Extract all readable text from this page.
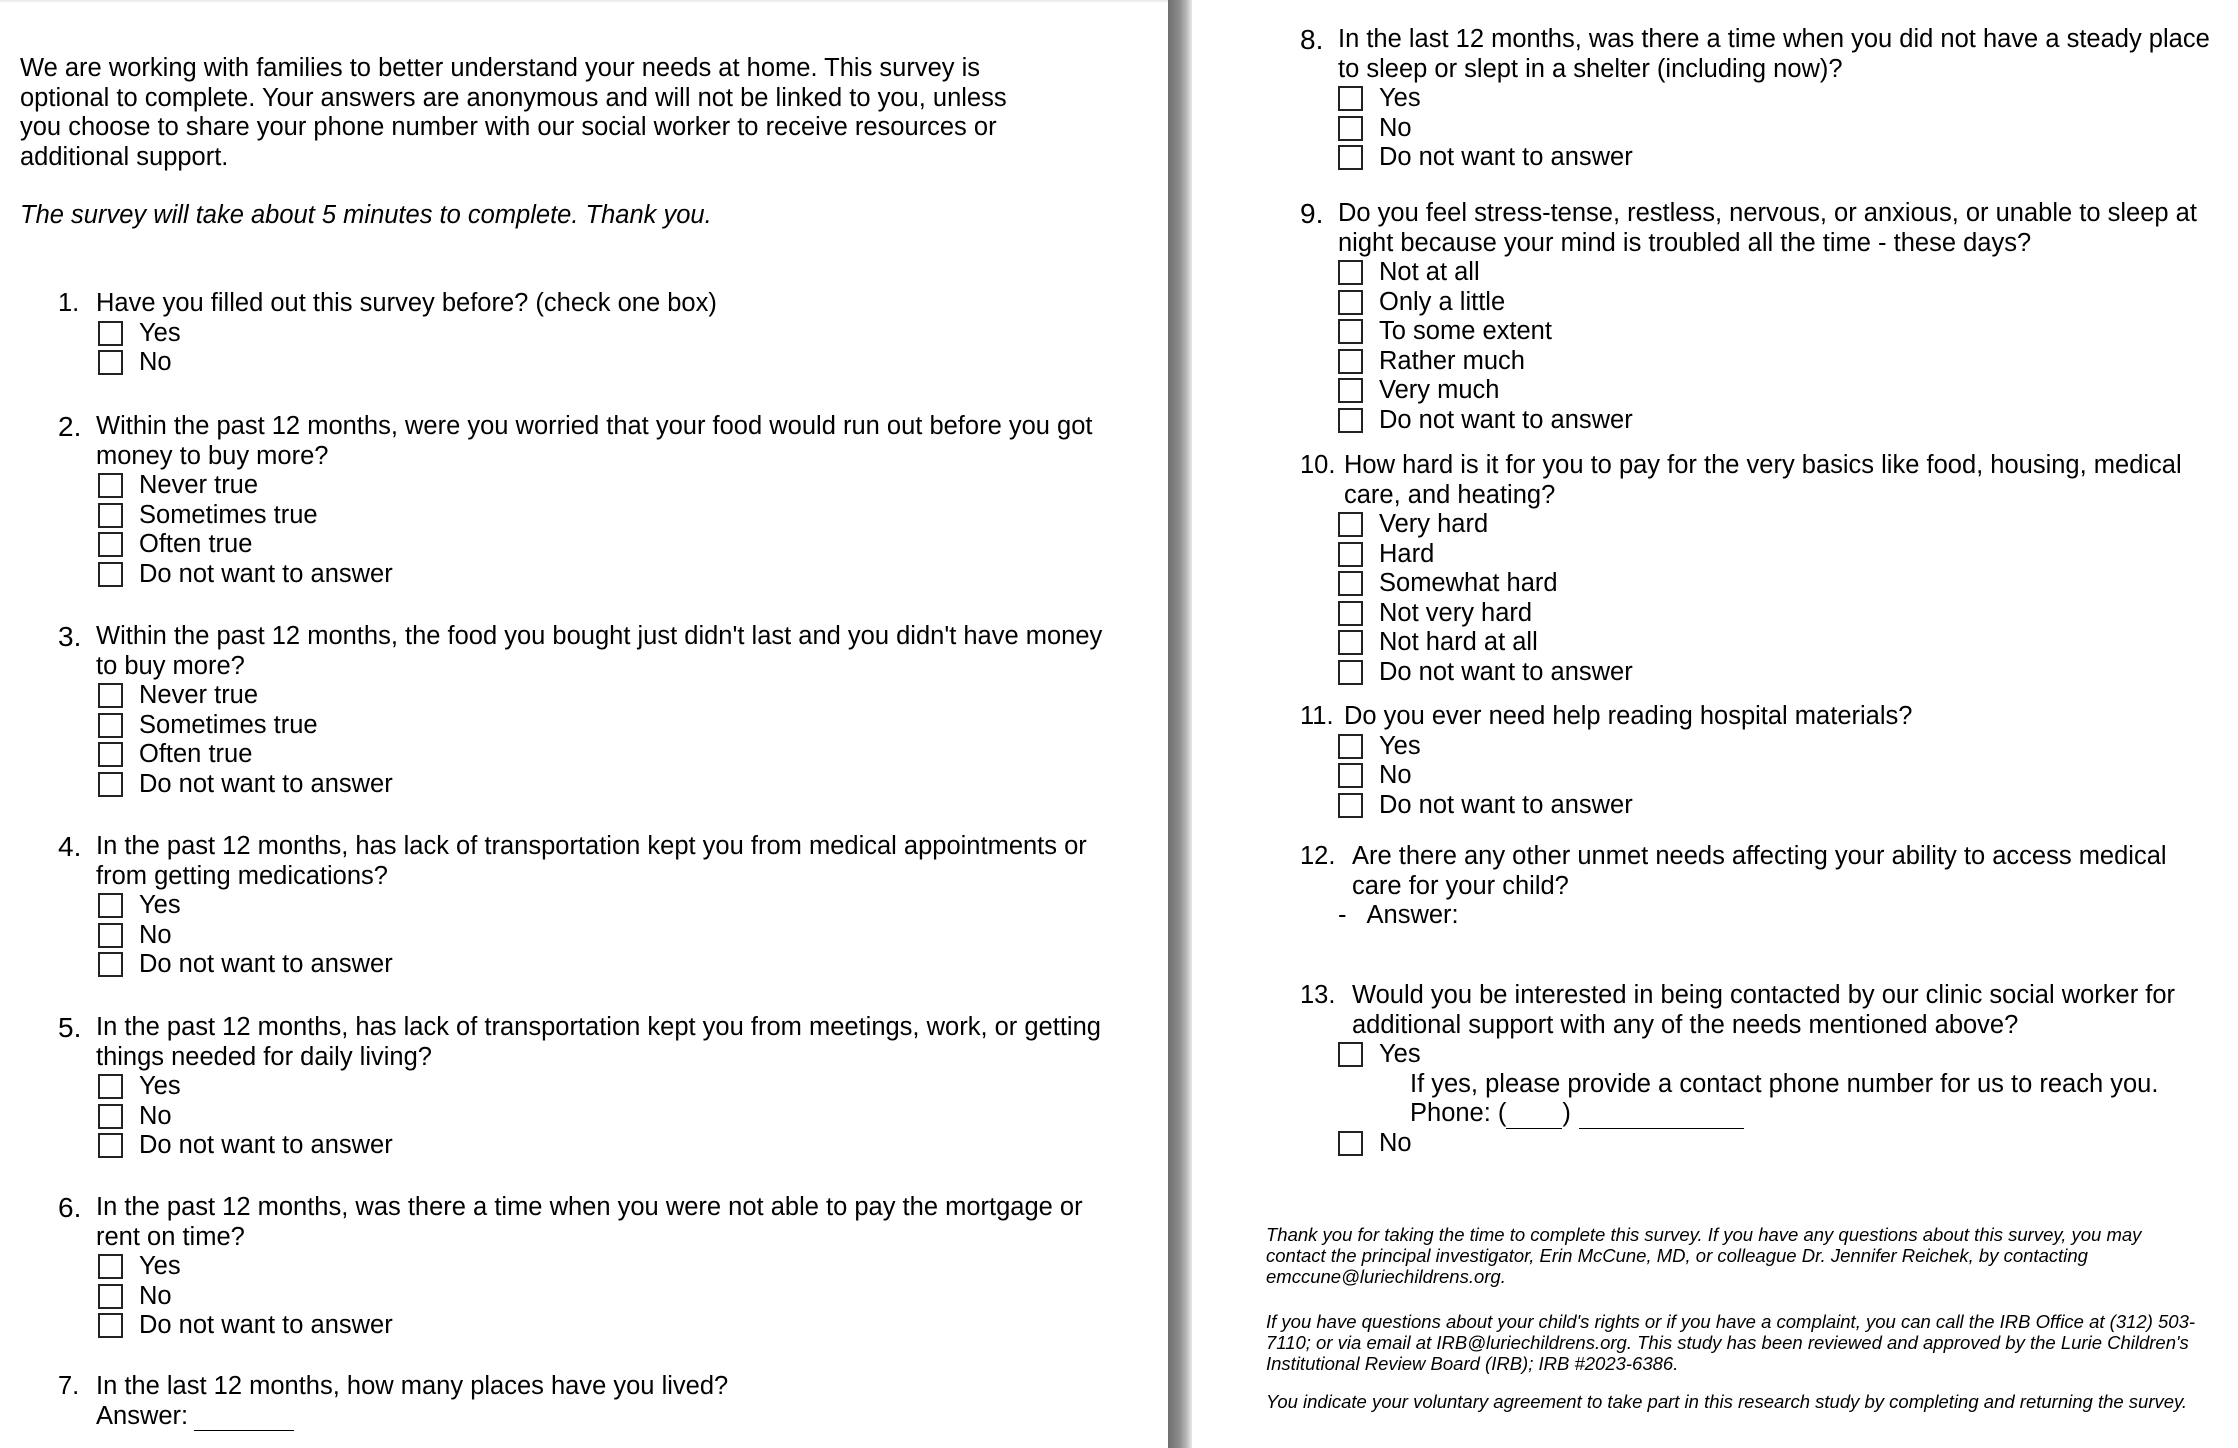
We are working with families to better understand your needs at home. This survey is optional to complete. Your answers are anonymous and will not be linked to you, unless you choose to share your phone number with our social worker to receive resources or additional support.

The survey will take about 5 minutes to complete. Thank you.

1. Have you filled out this survey before? (check one box)
Yes
No
2. Within the past 12 months, were you worried that your food would run out before you got money to buy more?
Never true
Sometimes true
Often true
Do not want to answer
3. Within the past 12 months, the food you bought just didn't last and you didn't have money to buy more?
Never true
Sometimes true
Often true
Do not want to answer
4. In the past 12 months, has lack of transportation kept you from medical appointments or from getting medications?
Yes
No
Do not want to answer
5. In the past 12 months, has lack of transportation kept you from meetings, work, or getting things needed for daily living?
Yes
No
Do not want to answer
6. In the past 12 months, was there a time when you were not able to pay the mortgage or rent on time?
Yes
No
Do not want to answer
7. In the last 12 months, how many places have you lived?
Answer:
8. In the last 12 months, was there a time when you did not have a steady place to sleep or slept in a shelter (including now)?
Yes
No
Do not want to answer
9. Do you feel stress-tense, restless, nervous, or anxious, or unable to sleep at night because your mind is troubled all the time - these days?
Not at all
Only a little
To some extent
Rather much
Very much
Do not want to answer
10. How hard is it for you to pay for the very basics like food, housing, medical care, and heating?
Very hard
Hard
Somewhat hard
Not very hard
Not hard at all
Do not want to answer
11. Do you ever need help reading hospital materials?
Yes
No
Do not want to answer
12. Are there any other unmet needs affecting your ability to access medical care for your child?
- Answer:
13. Would you be interested in being contacted by our clinic social worker for additional support with any of the needs mentioned above?
Yes
If yes, please provide a contact phone number for us to reach you.
Phone: ( )
No

Thank you for taking the time to complete this survey. If you have any questions about this survey, you may contact the principal investigator, Erin McCune, MD, or colleague Dr. Jennifer Reichek, by contacting emccune@luriechildrens.org.

If you have questions about your child's rights or if you have a complaint, you can call the IRB Office at (312) 503-7110; or via email at IRB@luriechildrens.org. This study has been reviewed and approved by the Lurie Children's Institutional Review Board (IRB); IRB #2023-6386.

You indicate your voluntary agreement to take part in this research study by completing and returning the survey.
